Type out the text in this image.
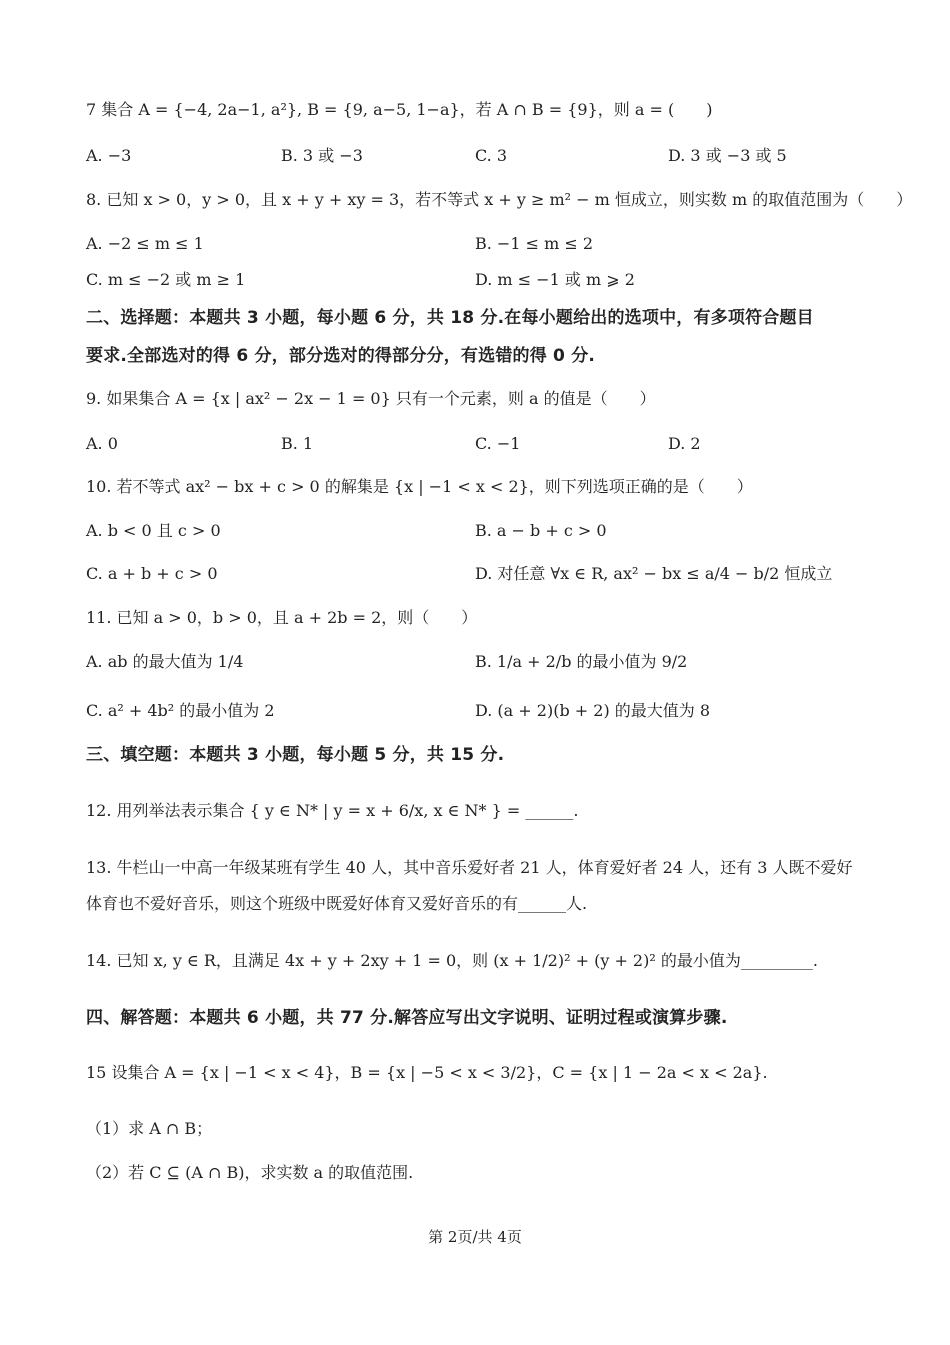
7 集合 A = {−4, 2a−1, a²}, B = {9, a−5, 1−a}，若 A ∩ B = {9}，则 a = (　　)
A. −3	B. 3 或 −3	C. 3	D. 3 或 −3 或 5
8. 已知 x > 0，y > 0，且 x + y + xy = 3，若不等式 x + y ≥ m² − m 恒成立，则实数 m 的取值范围为（　　）
A. −2 ≤ m ≤ 1	B. −1 ≤ m ≤ 2
C. m ≤ −2 或 m ≥ 1	D. m ≤ −1 或 m ⩾ 2
二、选择题：本题共 3 小题，每小题 6 分，共 18 分.在每小题给出的选项中，有多项符合题目
要求.全部选对的得 6 分，部分选对的得部分分，有选错的得 0 分.
9. 如果集合 A = {x | ax² − 2x − 1 = 0} 只有一个元素，则 a 的值是（　　）
A. 0	B. 1	C. −1	D. 2
10. 若不等式 ax² − bx + c > 0 的解集是 {x | −1 < x < 2}，则下列选项正确的是（　　）
A. b < 0 且 c > 0	B. a − b + c > 0
C. a + b + c > 0	D. 对任意 ∀x ∈ R, ax² − bx ≤ a/4 − b/2 恒成立
11. 已知 a > 0，b > 0，且 a + 2b = 2，则（　　）
A. ab 的最大值为 1/4	B. 1/a + 2/b 的最小值为 9/2
C. a² + 4b² 的最小值为 2	D. (a + 2)(b + 2) 的最大值为 8
三、填空题：本题共 3 小题，每小题 5 分，共 15 分.
12. 用列举法表示集合 { y ∈ N* | y = x + 6/x, x ∈ N* } = ______.
13. 牛栏山一中高一年级某班有学生 40 人，其中音乐爱好者 21 人，体育爱好者 24 人，还有 3 人既不爱好
体育也不爱好音乐，则这个班级中既爱好体育又爱好音乐的有______人.
14. 已知 x, y ∈ R，且满足 4x + y + 2xy + 1 = 0，则 (x + 1/2)² + (y + 2)² 的最小值为_________.
四、解答题：本题共 6 小题，共 77 分.解答应写出文字说明、证明过程或演算步骤.
15 设集合 A = {x | −1 < x < 4}，B = {x | −5 < x < 3/2}，C = {x | 1 − 2a < x < 2a}.
（1）求 A ∩ B；
（2）若 C ⊆ (A ∩ B)，求实数 a 的取值范围.
第 2页/共 4页
